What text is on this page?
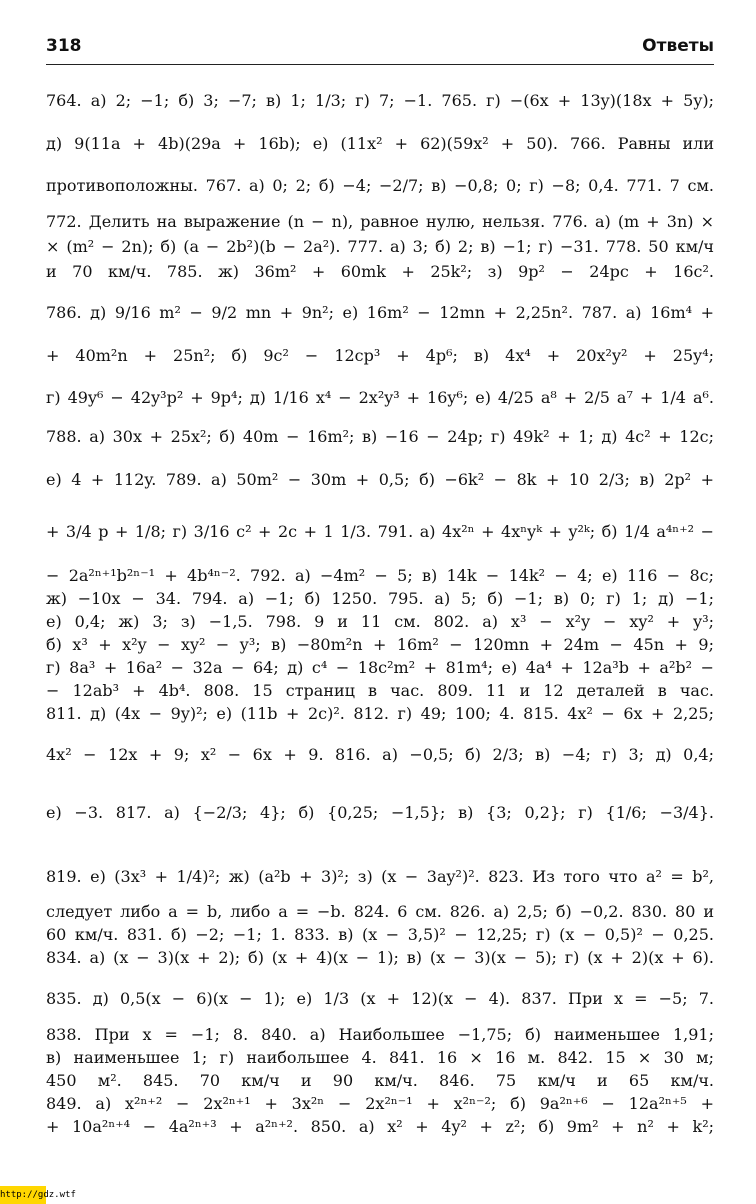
318	Ответы
764. а) 2; −1; б) 3; −7; в) 1; 1/3; г) 7; −1. 765. г) −(6x + 13y)(18x + 5y);
д) 9(11a + 4b)(29a + 16b); е) (11x² + 62)(59x² + 50). 766. Равны или
противоположны. 767. а) 0; 2; б) −4; −2/7; в) −0,8; 0; г) −8; 0,4. 771. 7 см.
772. Делить на выражение (n − n), равное нулю, нельзя. 776. а) (m + 3n) ×
× (m² − 2n); б) (a − 2b²)(b − 2a²). 777. а) 3; б) 2; в) −1; г) −31. 778. 50 км/ч
и 70 км/ч. 785. ж) 36m² + 60mk + 25k²; з) 9p² − 24pc + 16c².
786. д) 9/16 m² − 9/2 mn + 9n²; е) 16m² − 12mn + 2,25n². 787. а) 16m⁴ +
+ 40m²n + 25n²; б) 9c² − 12cp³ + 4p⁶; в) 4x⁴ + 20x²y² + 25y⁴;
г) 49y⁶ − 42y³p² + 9p⁴; д) 1/16 x⁴ − 2x²y³ + 16y⁶; е) 4/25 a⁸ + 2/5 a⁷ + 1/4 a⁶.
788. а) 30x + 25x²; б) 40m − 16m²; в) −16 − 24p; г) 49k² + 1; д) 4c² + 12c;
е) 4 + 112y. 789. а) 50m² − 30m + 0,5; б) −6k² − 8k + 10 2/3; в) 2p² +
+ 3/4 p + 1/8; г) 3/16 c² + 2c + 1 1/3. 791. а) 4x²ⁿ + 4xⁿyᵏ + y²ᵏ; б) 1/4 a⁴ⁿ⁺² −
− 2a²ⁿ⁺¹b²ⁿ⁻¹ + 4b⁴ⁿ⁻². 792. а) −4m² − 5; в) 14k − 14k² − 4; е) 116 − 8c;
ж) −10x − 34. 794. а) −1; б) 1250. 795. а) 5; б) −1; в) 0; г) 1; д) −1;
е) 0,4; ж) 3; з) −1,5. 798. 9 и 11 см. 802. а) x³ − x²y − xy² + y³;
б) x³ + x²y − xy² − y³; в) −80m²n + 16m² − 120mn + 24m − 45n + 9;
г) 8a³ + 16a² − 32a − 64; д) c⁴ − 18c²m² + 81m⁴; е) 4a⁴ + 12a³b + a²b² −
− 12ab³ + 4b⁴. 808. 15 страниц в час. 809. 11 и 12 деталей в час.
811. д) (4x − 9y)²; е) (11b + 2c)². 812. г) 49; 100; 4. 815. 4x² − 6x + 2,25;
4x² − 12x + 9; x² − 6x + 9. 816. а) −0,5; б) 2/3; в) −4; г) 3; д) 0,4;
е) −3. 817. а) {−2/3; 4}; б) {0,25; −1,5}; в) {3; 0,2}; г) {1/6; −3/4}.
819. е) (3x³ + 1/4)²; ж) (a²b + 3)²; з) (x − 3ay²)². 823. Из того что a² = b²,
следует либо a = b, либо a = −b. 824. 6 см. 826. а) 2,5; б) −0,2. 830. 80 и
60 км/ч. 831. б) −2; −1; 1. 833. в) (x − 3,5)² − 12,25; г) (x − 0,5)² − 0,25.
834. а) (x − 3)(x + 2); б) (x + 4)(x − 1); в) (x − 3)(x − 5); г) (x + 2)(x + 6).
835. д) 0,5(x − 6)(x − 1); е) 1/3 (x + 12)(x − 4). 837. При x = −5; 7.
838. При x = −1; 8. 840. а) Наибольшее −1,75; б) наименьшее 1,91;
в) наименьшее 1; г) наибольшее 4. 841. 16 × 16 м. 842. 15 × 30 м;
450 м². 845. 70 км/ч и 90 км/ч. 846. 75 км/ч и 65 км/ч.
849. а) x²ⁿ⁺² − 2x²ⁿ⁺¹ + 3x²ⁿ − 2x²ⁿ⁻¹ + x²ⁿ⁻²; б) 9a²ⁿ⁺⁶ − 12a²ⁿ⁺⁵ +
+ 10a²ⁿ⁺⁴ − 4a²ⁿ⁺³ + a²ⁿ⁺². 850. а) x² + 4y² + z²; б) 9m² + n² + k²;
http://gdz.wtf
